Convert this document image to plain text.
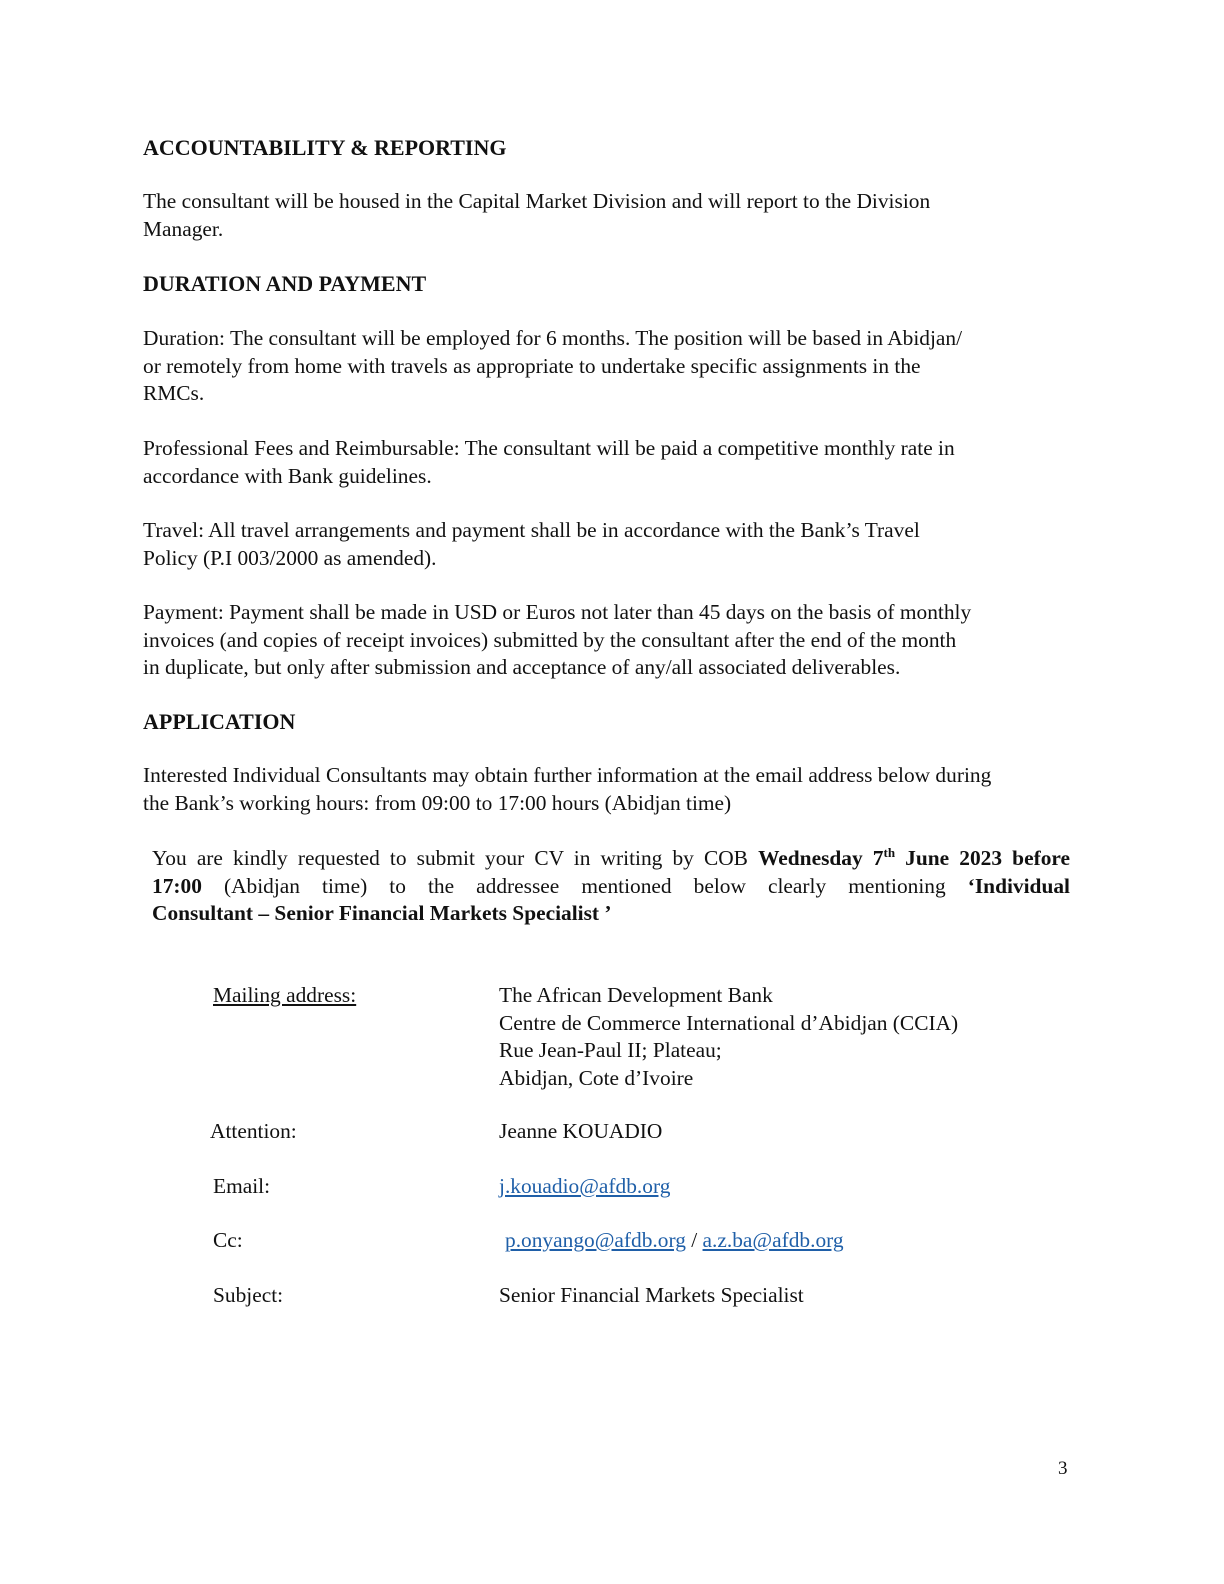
ACCOUNTABILITY & REPORTING
The consultant will be housed in the Capital Market Division and will report to the Division
Manager.
DURATION AND PAYMENT
Duration: The consultant will be employed for 6 months. The position will be based in Abidjan/
or remotely from home with travels as appropriate to undertake specific assignments in the
RMCs.
Professional Fees and Reimbursable: The consultant will be paid a competitive monthly rate in
accordance with Bank guidelines.
Travel: All travel arrangements and payment shall be in accordance with the Bank’s Travel
Policy (P.I 003/2000 as amended).
Payment: Payment shall be made in USD or Euros not later than 45 days on the basis of monthly
invoices (and copies of receipt invoices) submitted by the consultant after the end of the month
in duplicate, but only after submission and acceptance of any/all associated deliverables.
APPLICATION
Interested Individual Consultants may obtain further information at the email address below during
the Bank’s working hours: from 09:00 to 17:00 hours (Abidjan time)
You are kindly requested to submit your CV in writing by COB Wednesday 7th June 2023 before
17:00 (Abidjan time) to the addressee mentioned below clearly mentioning ‘Individual
Consultant – Senior Financial Markets Specialist ’
Mailing address:	The African Development Bank
Centre de Commerce International d’Abidjan (CCIA)
Rue Jean-Paul II; Plateau;
Abidjan, Cote d’Ivoire
Attention:	Jeanne KOUADIO
Email:	j.kouadio@afdb.org
Cc:	p.onyango@afdb.org / a.z.ba@afdb.org
Subject:	Senior Financial Markets Specialist
3
